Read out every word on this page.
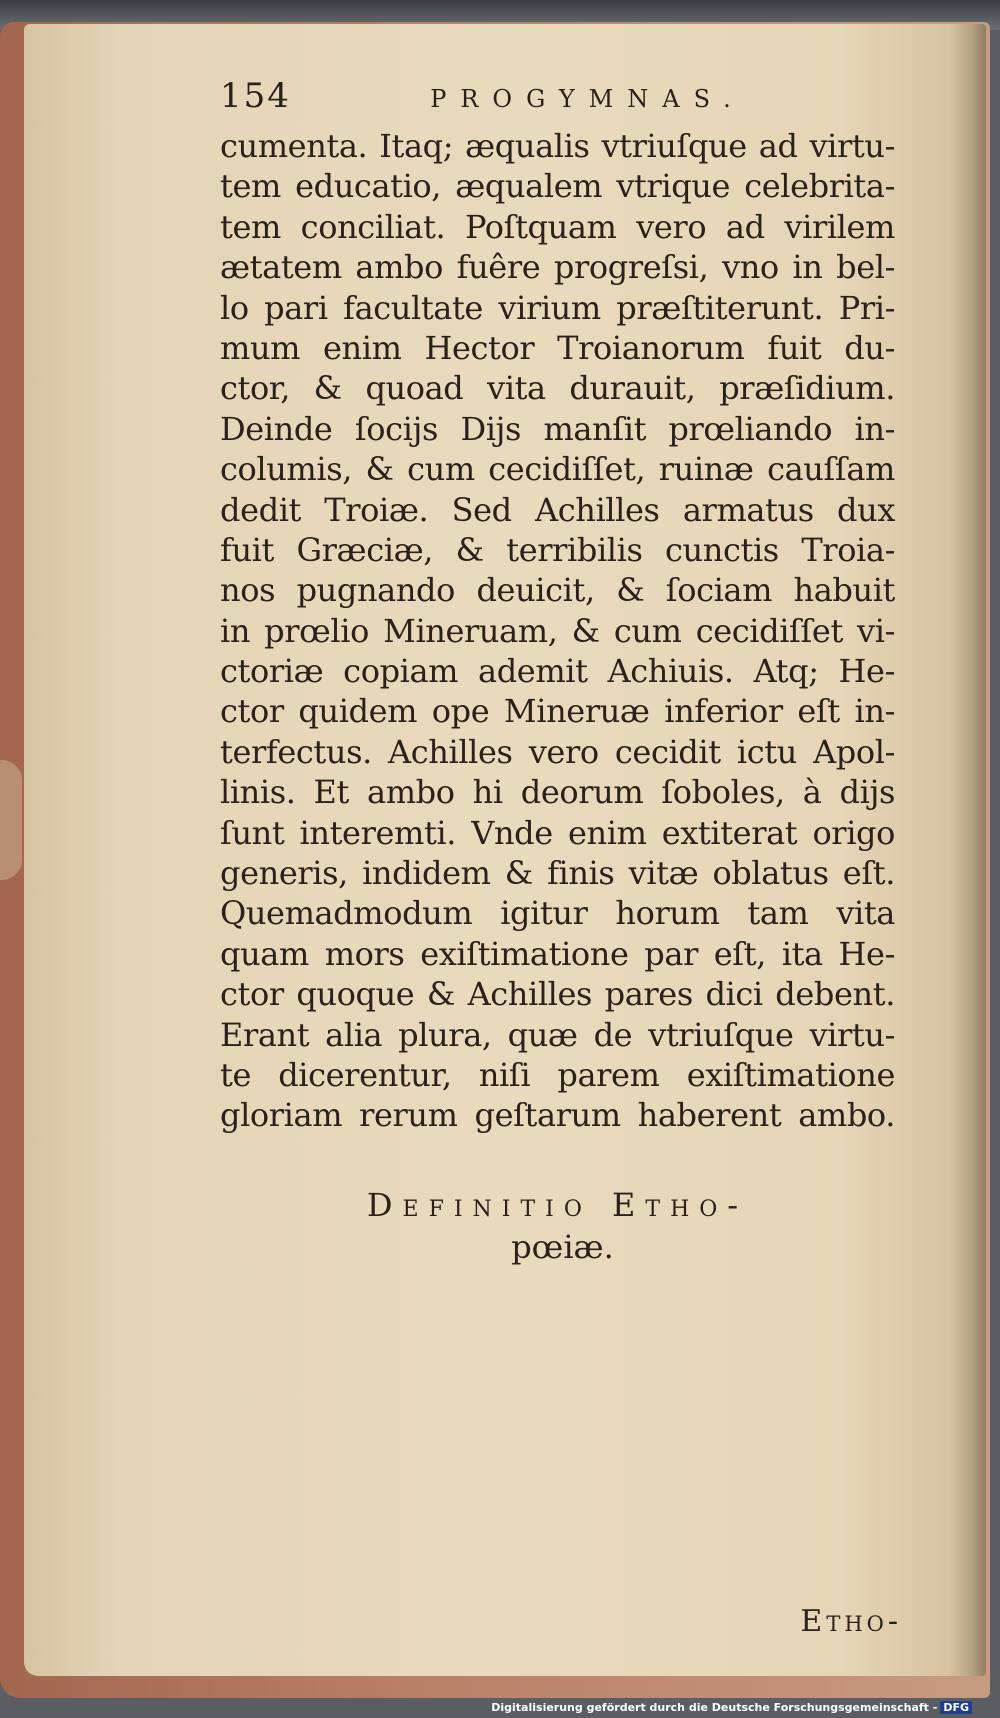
154	PROGYMNAS.
cumenta. Itaq; æqualis vtriuſque ad virtu-
tem educatio, æqualem vtrique celebrita-
tem conciliat. Poſtquam vero ad virilem
ætatem ambo fuêre progreſsi, vno in bel-
lo pari facultate virium præſtiterunt. Pri-
mum enim Hector Troianorum fuit du-
ctor, & quoad vita durauit, præſidium.
Deinde ſocijs Dijs manſit prœliando in-
columis, & cum cecidiſſet, ruinæ cauſſam
dedit Troiæ. Sed Achilles armatus dux
fuit Græciæ, & terribilis cunctis Troia-
nos pugnando deuicit, & ſociam habuit
in prœlio Mineruam, & cum cecidiſſet vi-
ctoriæ copiam ademit Achiuis. Atq; He-
ctor quidem ope Mineruæ inferior eſt in-
terfectus. Achilles vero cecidit ictu Apol-
linis. Et ambo hi deorum ſoboles, à dijs
ſunt interemti. Vnde enim extiterat origo
generis, indidem & finis vitæ oblatus eſt.
Quemadmodum igitur horum tam vita
quam mors exiſtimatione par eſt, ita He-
ctor quoque & Achilles pares dici debent.
Erant alia plura, quæ de vtriuſque virtu-
te dicerentur, niſi parem exiſtimatione
gloriam rerum geſtarum haberent ambo.
Definitio Etho-
pœiæ.
Etho-
Digitalisierung gefördert durch die Deutsche Forschungsgemeinschaft - DFG
